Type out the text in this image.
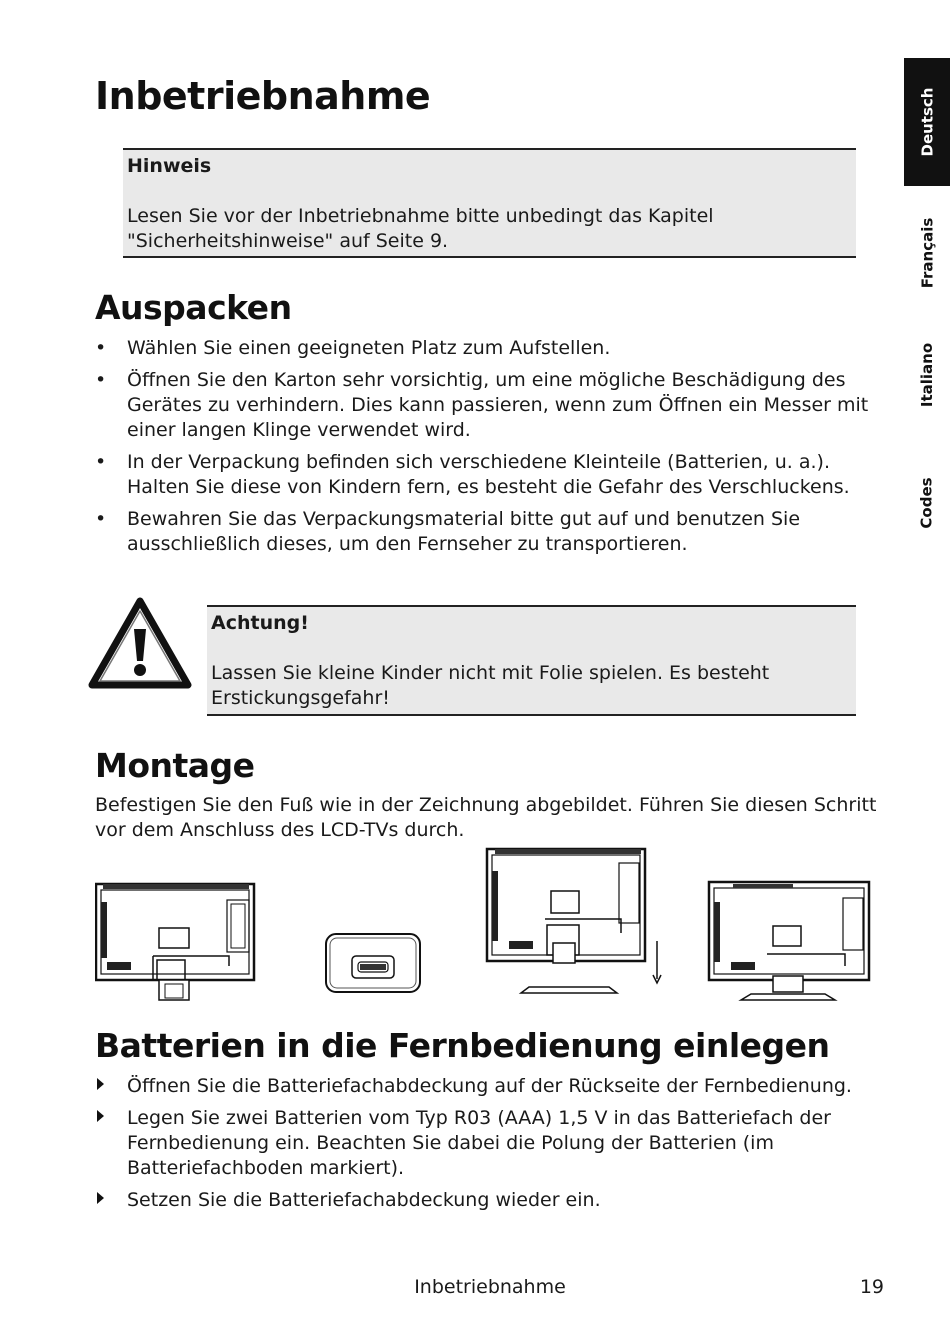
Deutsch
Français
Italiano
Codes
Inbetriebnahme
Hinweis
Lesen Sie vor der Inbetriebnahme bitte unbedingt das Kapitel "Sicherheitshinweise" auf Seite 9.
Auspacken
• Wählen Sie einen geeigneten Platz zum Aufstellen.
• Öffnen Sie den Karton sehr vorsichtig, um eine mögliche Beschädigung des Gerätes zu verhindern. Dies kann passieren, wenn zum Öffnen ein Messer mit einer langen Klinge verwendet wird.
• In der Verpackung befinden sich verschiedene Kleinteile (Batterien, u. a.). Halten Sie diese von Kindern fern, es besteht die Gefahr des Verschluckens.
• Bewahren Sie das Verpackungsmaterial bitte gut auf und benutzen Sie ausschließlich dieses, um den Fernseher zu transportieren.
Achtung!
Lassen Sie kleine Kinder nicht mit Folie spielen. Es besteht Erstickungsgefahr!
Montage

Befestigen Sie den Fuß wie in der Zeichnung abgebildet. Führen Sie diesen Schritt vor dem Anschluss des LCD-TVs durch.

Batterien in die Fernbedienung einlegen
Öffnen Sie die Batteriefachabdeckung auf der Rückseite der Fernbedienung.
Legen Sie zwei Batterien vom Typ R03 (AAA) 1,5 V in das Batteriefach der Fernbedienung ein. Beachten Sie dabei die Polung der Batterien (im Batteriefachboden markiert).
Setzen Sie die Batteriefachabdeckung wieder ein.
Inbetriebnahme	19
